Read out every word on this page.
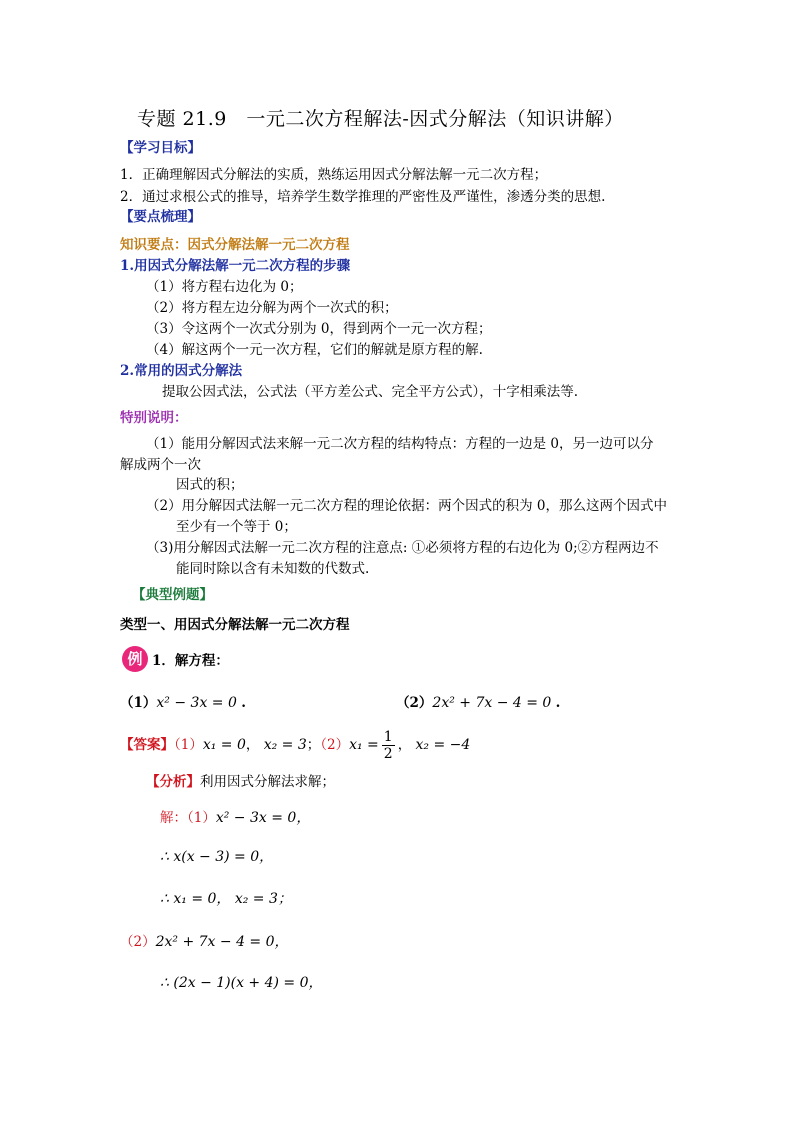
专题 21.9　一元二次方程解法-因式分解法（知识讲解）
【学习目标】
1．正确理解因式分解法的实质，熟练运用因式分解法解一元二次方程；
2．通过求根公式的推导，培养学生数学推理的严密性及严谨性，渗透分类的思想.
【要点梳理】
知识要点：因式分解法解一元二次方程
1.用因式分解法解一元二次方程的步骤
（1）将方程右边化为 0；
（2）将方程左边分解为两个一次式的积；
（3）令这两个一次式分别为 0，得到两个一元一次方程；
（4）解这两个一元一次方程，它们的解就是原方程的解.
2.常用的因式分解法
提取公因式法，公式法（平方差公式、完全平方公式），十字相乘法等.
特别说明：
（1）能用分解因式法来解一元二次方程的结构特点：方程的一边是 0，另一边可以分
解成两个一次
因式的积；
（2）用分解因式法解一元二次方程的理论依据：两个因式的积为 0，那么这两个因式中
至少有一个等于 0；
（3)用分解因式法解一元二次方程的注意点: ①必须将方程的右边化为 0;②方程两边不
能同时除以含有未知数的代数式.
【典型例题】
类型一、用因式分解法解一元二次方程
例 1．解方程：
（1）x² − 3x = 0 .	（2）2x² + 7x − 4 = 0 .
【答案】（1）x₁ = 0， x₂ = 3；$(2)x_1 = \frac{1}{2}$ ， x₂ = −4
【分析】利用因式分解法求解；
解：（1）x² − 3x = 0，
∴ x(x − 3) = 0，
∴ x₁ = 0， x₂ = 3；
（2）2x² + 7x − 4 = 0，
∴ (2x − 1)(x + 4) = 0，
